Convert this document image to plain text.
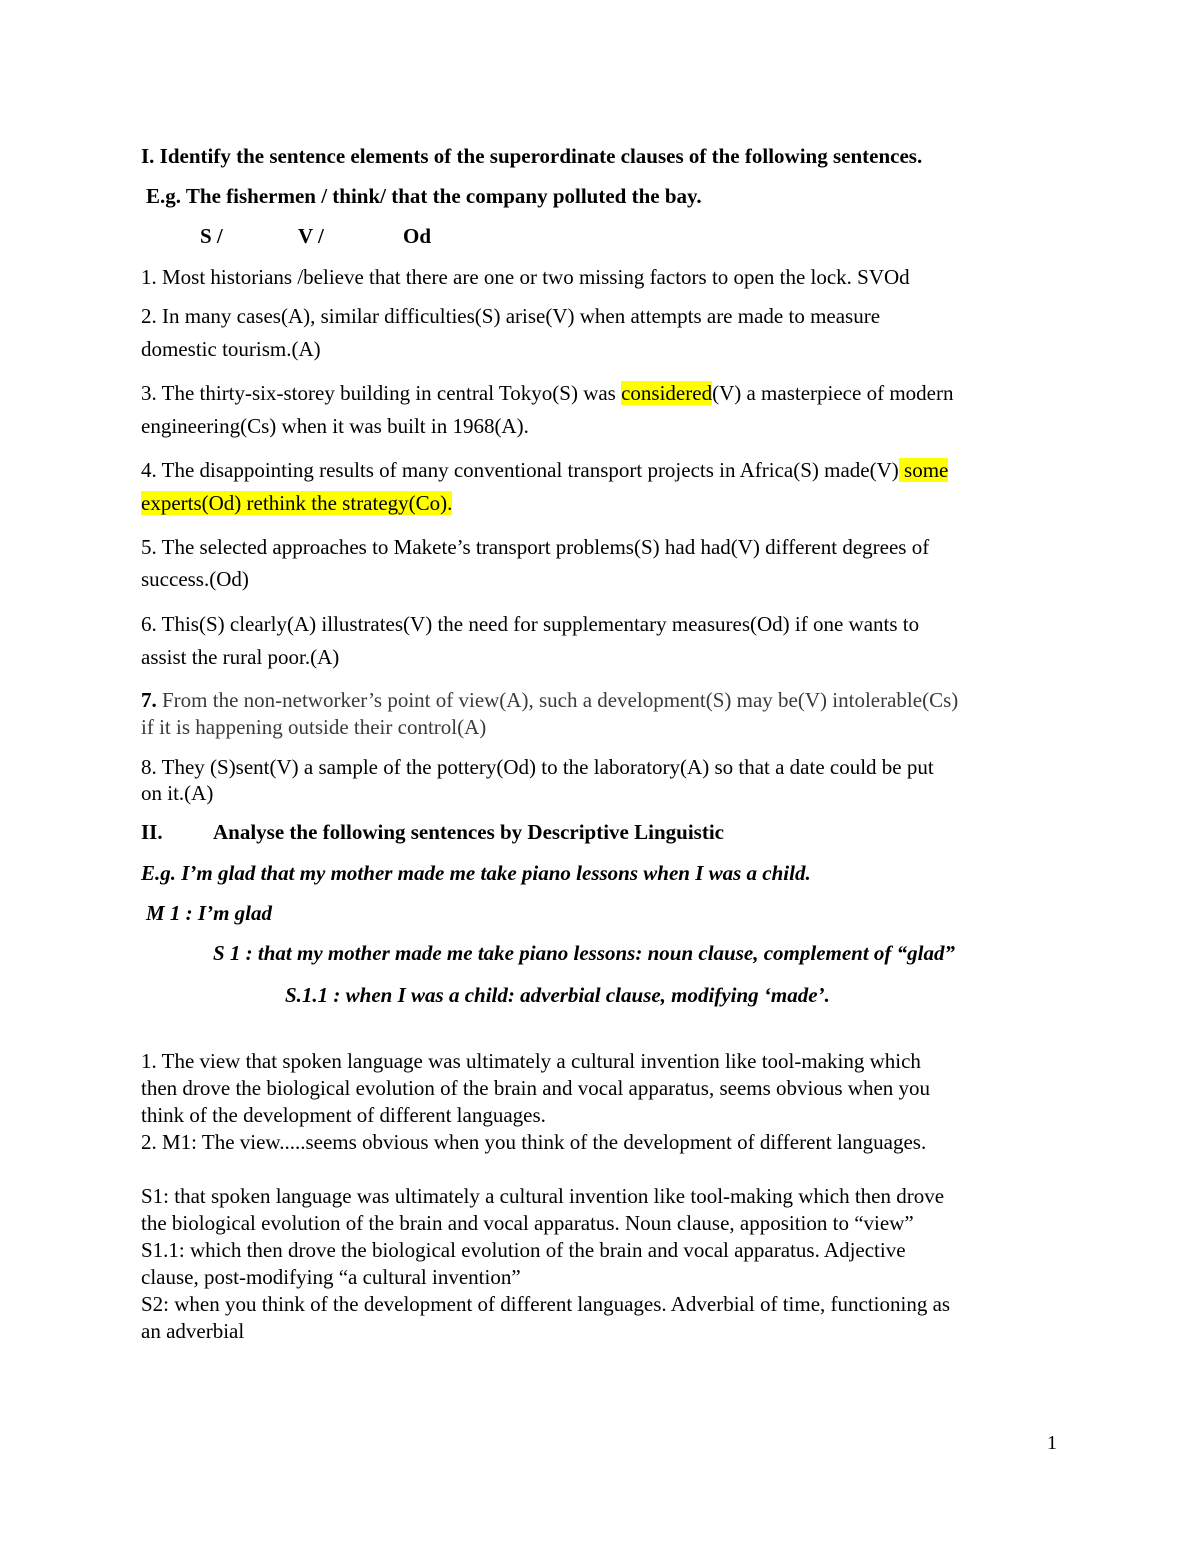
I. Identify the sentence elements of the superordinate clauses of the following sentences.
E.g. The fishermen / think/ that the company polluted the bay.
S /	V /	Od
1. Most historians /believe that there are one or two missing factors to open the lock. SVOd
2. In many cases(A), similar difficulties(S) arise(V) when attempts are made to measure
domestic tourism.(A)
3. The thirty-six-storey building in central Tokyo(S) was considered(V) a masterpiece of modern
engineering(Cs) when it was built in 1968(A).
4. The disappointing results of many conventional transport projects in Africa(S) made(V) some
experts(Od) rethink the strategy(Co).
5. The selected approaches to Makete’s transport problems(S) had had(V) different degrees of
success.(Od)
6. This(S) clearly(A) illustrates(V) the need for supplementary measures(Od) if one wants to
assist the rural poor.(A)
7. From the non-networker’s point of view(A), such a development(S) may be(V) intolerable(Cs)
if it is happening outside their control(A)
8. They (S)sent(V) a sample of the pottery(Od) to the laboratory(A) so that a date could be put
on it.(A)
II. Analyse the following sentences by Descriptive Linguistic
E.g. I’m glad that my mother made me take piano lessons when I was a child.
M 1 : I’m glad
S 1 : that my mother made me take piano lessons: noun clause, complement of “glad”
S.1.1 : when I was a child: adverbial clause, modifying ‘made’.
1. The view that spoken language was ultimately a cultural invention like tool-making which
then drove the biological evolution of the brain and vocal apparatus, seems obvious when you
think of the development of different languages.
2. M1: The view.....seems obvious when you think of the development of different languages.
S1: that spoken language was ultimately a cultural invention like tool-making which then drove
the biological evolution of the brain and vocal apparatus. Noun clause, apposition to “view”
S1.1: which then drove the biological evolution of the brain and vocal apparatus. Adjective
clause, post-modifying “a cultural invention”
S2: when you think of the development of different languages. Adverbial of time, functioning as
an adverbial
1
